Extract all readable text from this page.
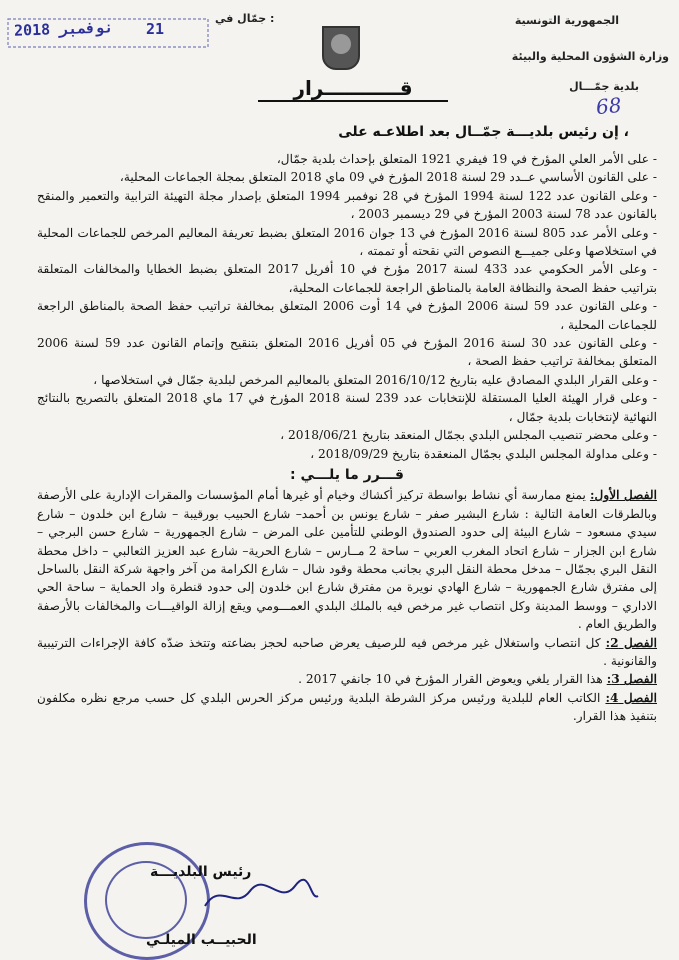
2018 نوفمبر 21
جمّال في :	الجمهورية التونسية
وزارة الشؤون المحلية والبيئة
بلدية جمّـــال
68
قـــــــــــرار
إن رئيس بلديـــة جمّــال بعد اطلاعـه على ،

- على الأمر العلي المؤرخ في 19 فيفري 1921 المتعلق بإحداث بلدية جمّال،

- على القانون الأساسي عــدد 29 لسنة 2018 المؤرخ في 09 ماي 2018 المتعلق بمجلة الجماعات المحلية،

- وعلى القانون عدد 122 لسنة 1994 المؤرخ في 28 نوفمبر 1994 المتعلق بإصدار مجلة التهيئة الترابية والتعمير والمنقح بالقانون عدد 78 لسنة 2003 المؤرخ في 29 ديسمبر 2003 ،

- وعلى الأمر عدد 805 لسنة 2016 المؤرخ في 13 جوان 2016 المتعلق بضبط تعريفة المعاليم المرخص للجماعات المحلية في استخلاصها وعلى جميـــع النصوص التي نقحته أو تممته ،

- وعلى الأمر الحكومي عدد 433 لسنة 2017 مؤرخ في 10 أفريل 2017 المتعلق بضبط الخطايا والمخالفات المتعلقة بتراتيب حفظ الصحة والنظافة العامة بالمناطق الراجعة للجماعات المحلية،

- وعلى القانون عدد 59 لسنة 2006 المؤرخ في 14 أوت 2006 المتعلق بمخالفة تراتيب حفظ الصحة بالمناطق الراجعة للجماعات المحلية ،

- وعلى القانون عدد 30 لسنة 2016 المؤرخ في 05 أفريل 2016 المتعلق بتنقيح وإتمام القانون عدد 59 لسنة 2006 المتعلق بمخالفة تراتيب حفظ الصحة ،

- وعلى القرار البلدي المصادق عليه بتاريخ 2016/10/12 المتعلق بالمعاليم المرخص لبلدية جمّال في استخلاصها ،

- وعلى قرار الهيئة العليا المستقلة للإنتخابات عدد 239 لسنة 2018 المؤرخ في 17 ماي 2018 المتعلق بالتصريح بالنتائج النهائية لإنتخابات بلدية جمّال ،

- وعلى محضر تنصيب المجلس البلدي بجمّال المنعقد بتاريخ 2018/06/21 ،

- وعلى مداولة المجلس البلدي بجمّال المنعقدة بتاريخ 2018/09/29 ،

قـــرر ما يلـــي :

الفصل الأول: يمنع ممارسة أي نشاط بواسطة تركيز أكشاك وخيام أو غيرها أمام المؤسسات والمقرات الإدارية على الأرصفة وبالطرقات العامة التالية : شارع البشير صفر – شارع يونس بن أحمد– شارع الحبيب بورقيبة – شارع ابن خلدون – شارع سيدي مسعود – شارع البيئة إلى حدود الصندوق الوطني للتأمين على المرض – شارع الجمهورية – شارع حسن البرجي – شارع ابن الجزار – شارع اتحاد المغرب العربي – ساحة 2 مــارس – شارع الحرية– شارع عبد العزيز الثعالبي – داخل محطة النقل البري بجمّال – مدخل محطة النقل البري بجانب محطة وقود شال – شارع الكرامة من آخر واجهة شركة النقل بالساحل إلى مفترق شارع الجمهورية – شارع الهادي نويرة من مفترق شارع ابن خلدون إلى حدود قنطرة واد الحماية – ساحة الحي الاداري – ووسط المدينة وكل انتصاب غير مرخص فيه بالملك البلدي العمـــومي ويقع إزالة الواقيـــات والمخالفات بالأرصفة والطريق العام .

الفصل 2: كل انتصاب واستغلال غير مرخص فيه للرصيف يعرض صاحبه لحجز بضاعته وتتخذ ضدّه كافة الإجراءات الترتيبية والقانونية .

الفصل 3: هذا القرار يلغي ويعوض القرار المؤرخ في 10 جانفي 2017 .

الفصل 4: الكاتب العام للبلدية ورئيس مركز الشرطة البلدية ورئيس مركز الحرس البلدي كل حسب مرجع نظره مكلفون بتنفيذ هذا القرار.

رئيس البلديـــة
الحبيــب الميلـي
